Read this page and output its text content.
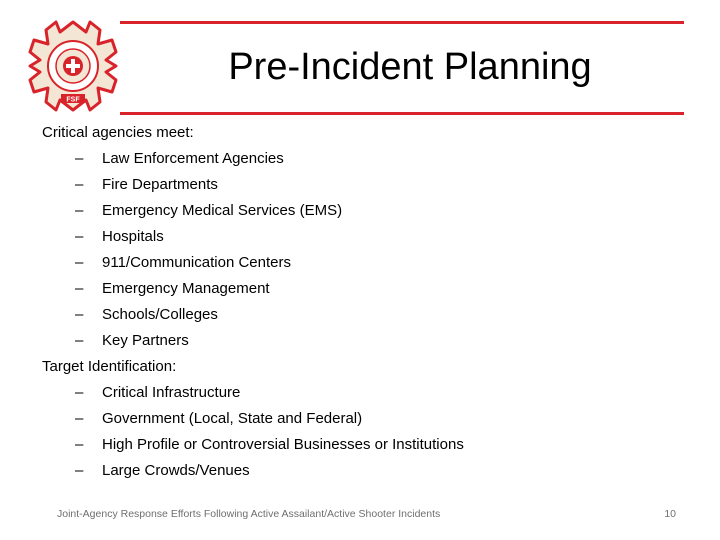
FSF
Pre-Incident Planning
Critical agencies meet:
– Law Enforcement Agencies
– Fire Departments
– Emergency Medical Services (EMS)
– Hospitals
– 911/Communication Centers
– Emergency Management
– Schools/Colleges
– Key Partners
Target Identification:
– Critical Infrastructure
– Government (Local, State and Federal)
– High Profile or Controversial Businesses or Institutions
– Large Crowds/Venues
Joint-Agency Response Efforts Following Active Assailant/Active Shooter Incidents	10
